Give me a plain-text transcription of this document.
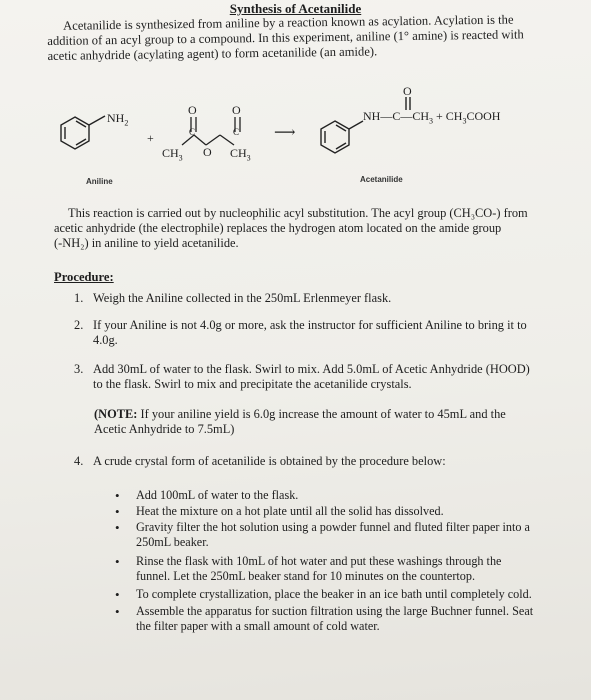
Synthesis of Acetanilide
Acetanilide is synthesized from aniline by a reaction known as acylation. Acylation is the
addition of an acyl group to a compound. In this experiment, aniline (1° amine) is reacted with
acetic anhydride (acylating agent) to form acetanilide (an amide).
$NH_2$
+
O	O
C	C
$CH_3$ O $CH_3$
⟶
O
$NH—C—CH_3$ + $CH_3COOH$
Aniline	Acetanilide
This reaction is carried out by nucleophilic acyl substitution. The acyl group (CH₃CO-) from
acetic anhydride (the electrophile) replaces the hydrogen atom located on the amide group
(-NH₂) in aniline to yield acetanilide.
Procedure:
1. Weigh the Aniline collected in the 250mL Erlenmeyer flask.
2. If your Aniline is not 4.0g or more, ask the instructor for sufficient Aniline to bring it to
4.0g.
3. Add 30mL of water to the flask. Swirl to mix. Add 5.0mL of Acetic Anhydride (HOOD)
to the flask. Swirl to mix and precipitate the acetanilide crystals.
(NOTE: If your aniline yield is 6.0g increase the amount of water to 45mL and the
Acetic Anhydride to 7.5mL)
4. A crude crystal form of acetanilide is obtained by the procedure below:
• Add 100mL of water to the flask.
• Heat the mixture on a hot plate until all the solid has dissolved.
• Gravity filter the hot solution using a powder funnel and fluted filter paper into a
250mL beaker.
• Rinse the flask with 10mL of hot water and put these washings through the
funnel. Let the 250mL beaker stand for 10 minutes on the countertop.
• To complete crystallization, place the beaker in an ice bath until completely cold.
• Assemble the apparatus for suction filtration using the large Buchner funnel. Seat
the filter paper with a small amount of cold water.
